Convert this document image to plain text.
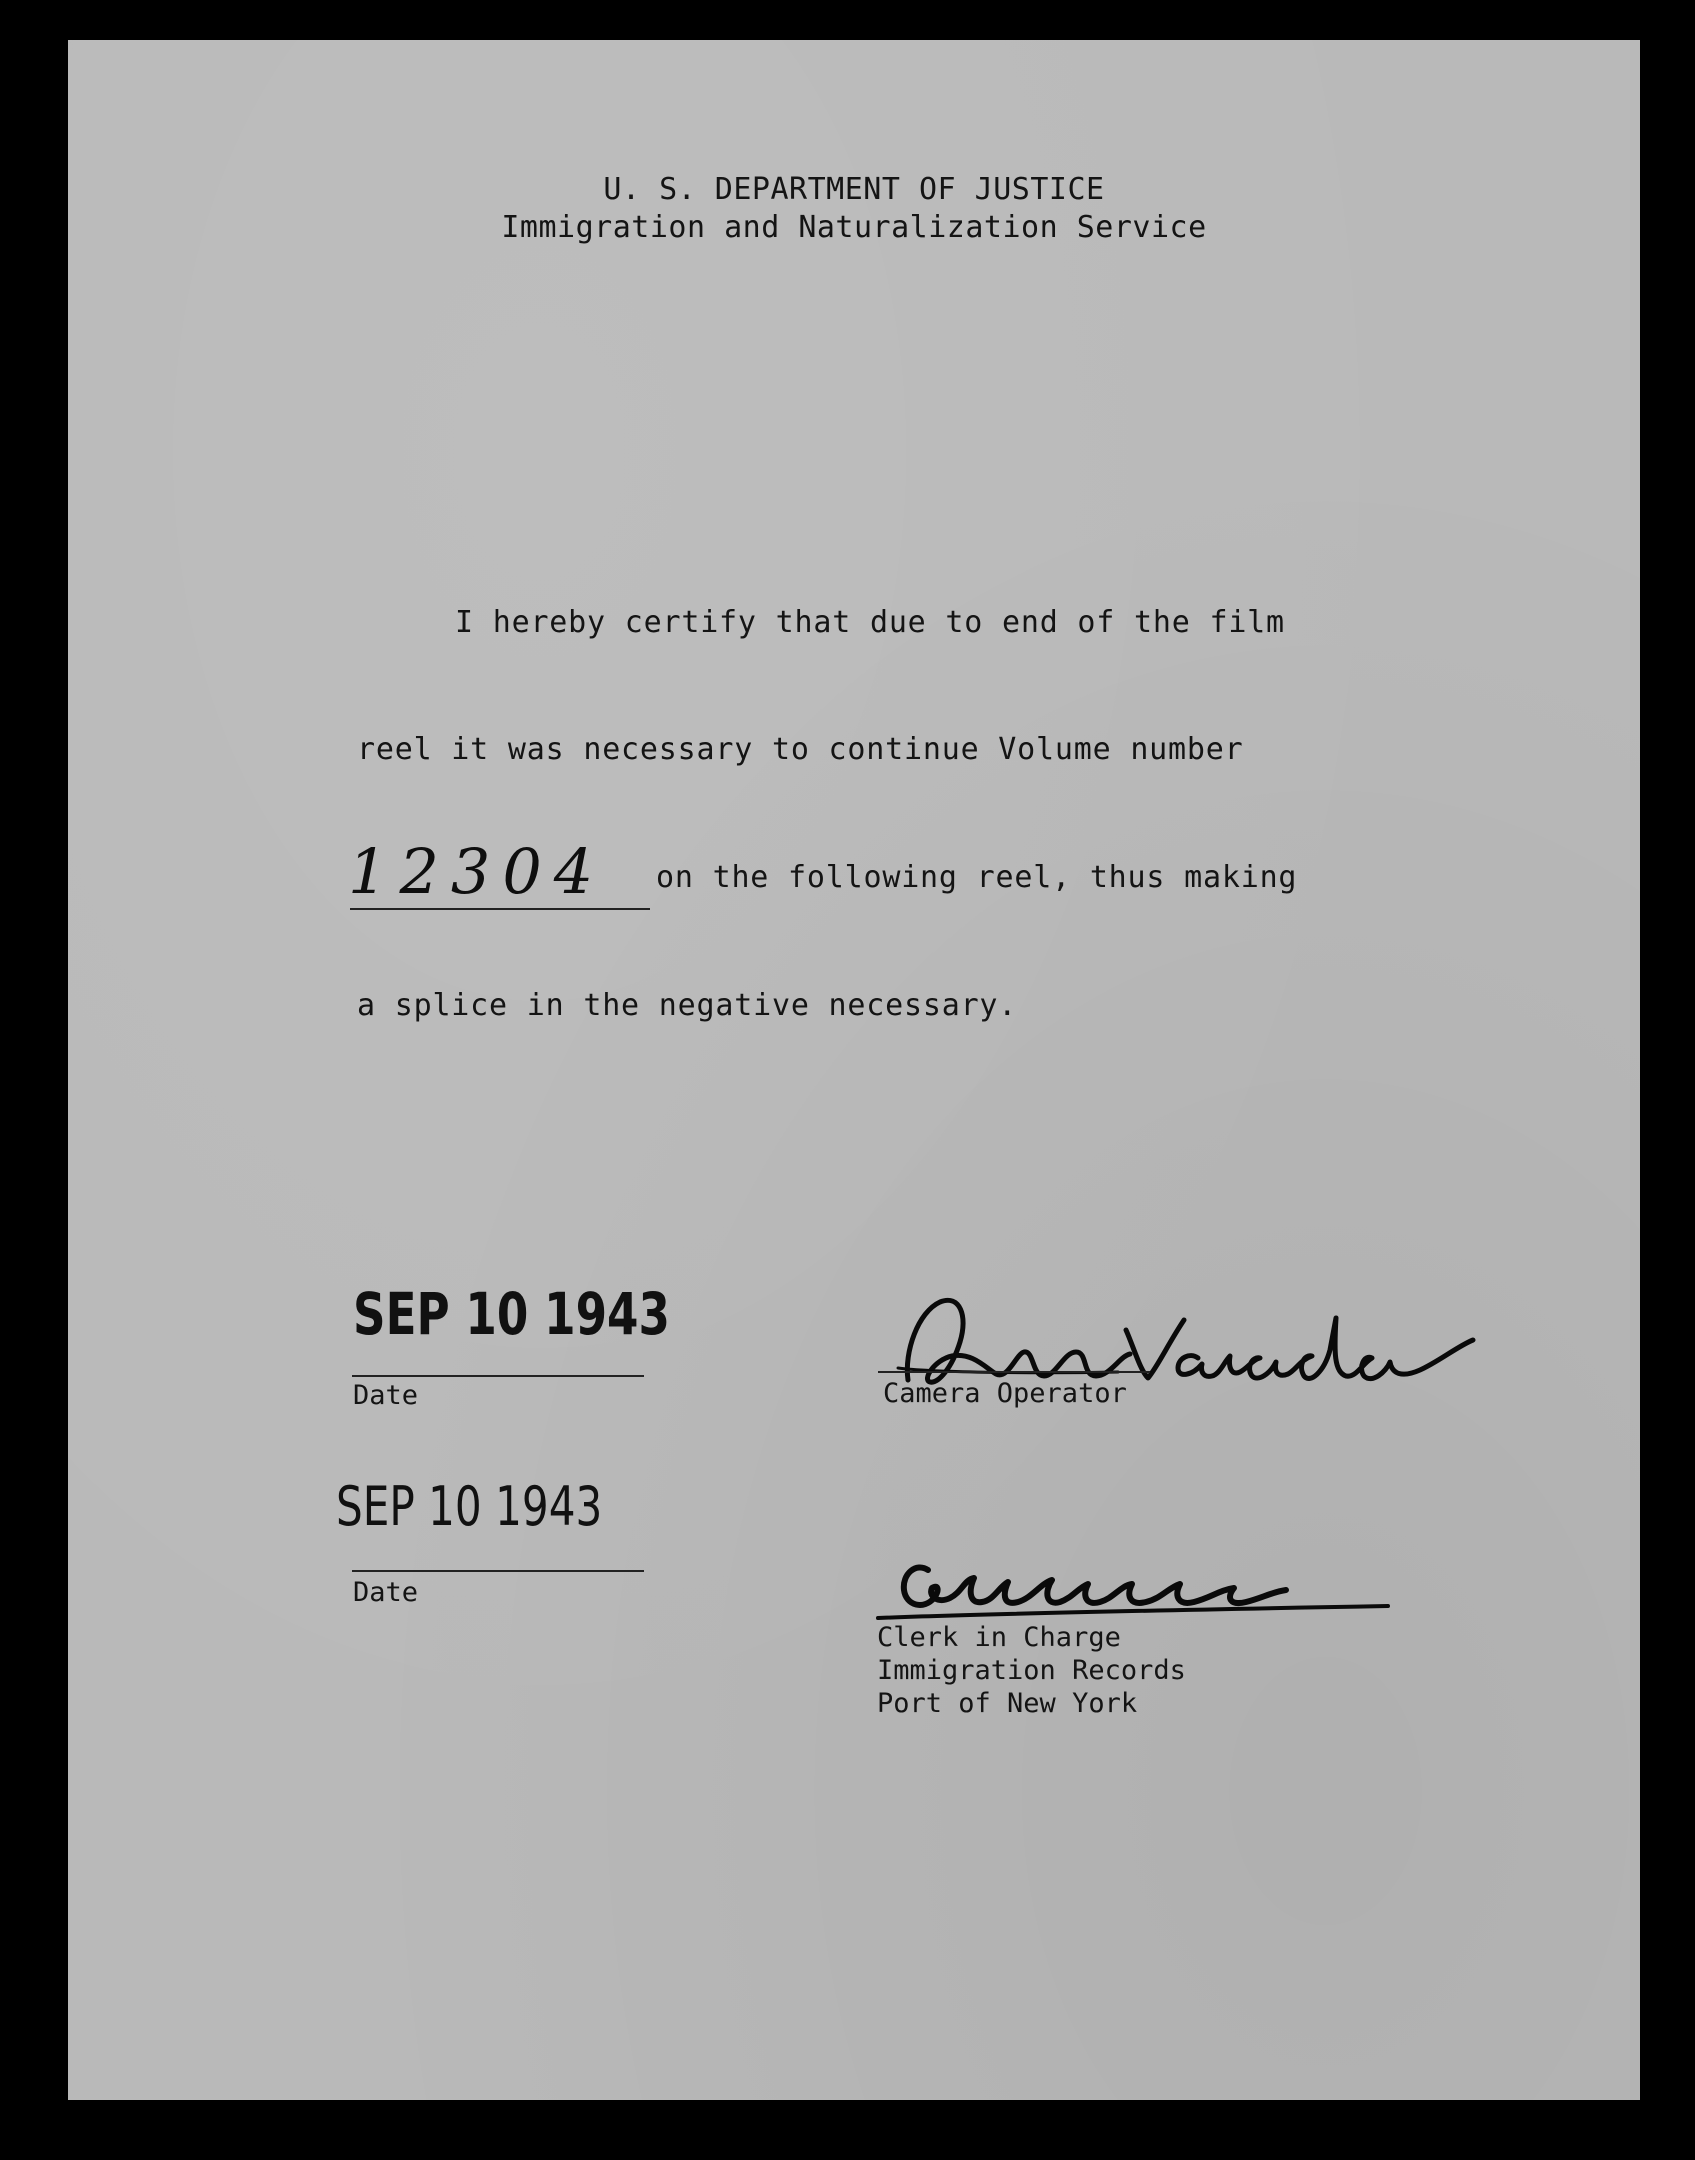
U. S. DEPARTMENT OF JUSTICE

Immigration and Naturalization Service

I hereby certify that due to end of the film

reel it was necessary to continue Volume number

12304 on the following reel, thus making

a splice in the negative necessary.

SEP 10 1943

Date

SEP 10 1943

Date

Camera Operator

Clerk in Charge

Immigration Records

Port of New York
